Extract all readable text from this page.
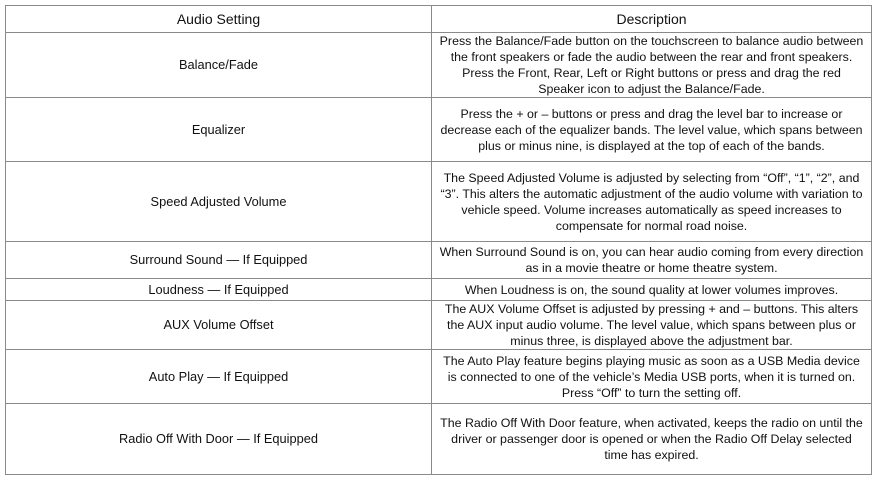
Audio Setting	Description
Balance/Fade	Press the Balance/Fade button on the touchscreen to balance audio between the front speakers or fade the audio between the rear and front speakers. Press the Front, Rear, Left or Right buttons or press and drag the red Speaker icon to adjust the Balance/Fade.
Equalizer	Press the + or – buttons or press and drag the level bar to increase or decrease each of the equalizer bands. The level value, which spans between plus or minus nine, is displayed at the top of each of the bands.
Speed Adjusted Volume	The Speed Adjusted Volume is adjusted by selecting from “Off”, “1”, “2”, and “3”. This alters the automatic adjustment of the audio volume with variation to vehicle speed. Volume increases automatically as speed increases to compensate for normal road noise.
Surround Sound — If Equipped	When Surround Sound is on, you can hear audio coming from every direction as in a movie theatre or home theatre system.
Loudness — If Equipped	When Loudness is on, the sound quality at lower volumes improves.
AUX Volume Offset	The AUX Volume Offset is adjusted by pressing + and – buttons. This alters the AUX input audio volume. The level value, which spans between plus or minus three, is displayed above the adjustment bar.
Auto Play — If Equipped	The Auto Play feature begins playing music as soon as a USB Media device is connected to one of the vehicle’s Media USB ports, when it is turned on. Press “Off” to turn the setting off.
Radio Off With Door — If Equipped	The Radio Off With Door feature, when activated, keeps the radio on until the driver or passenger door is opened or when the Radio Off Delay selected time has expired.
